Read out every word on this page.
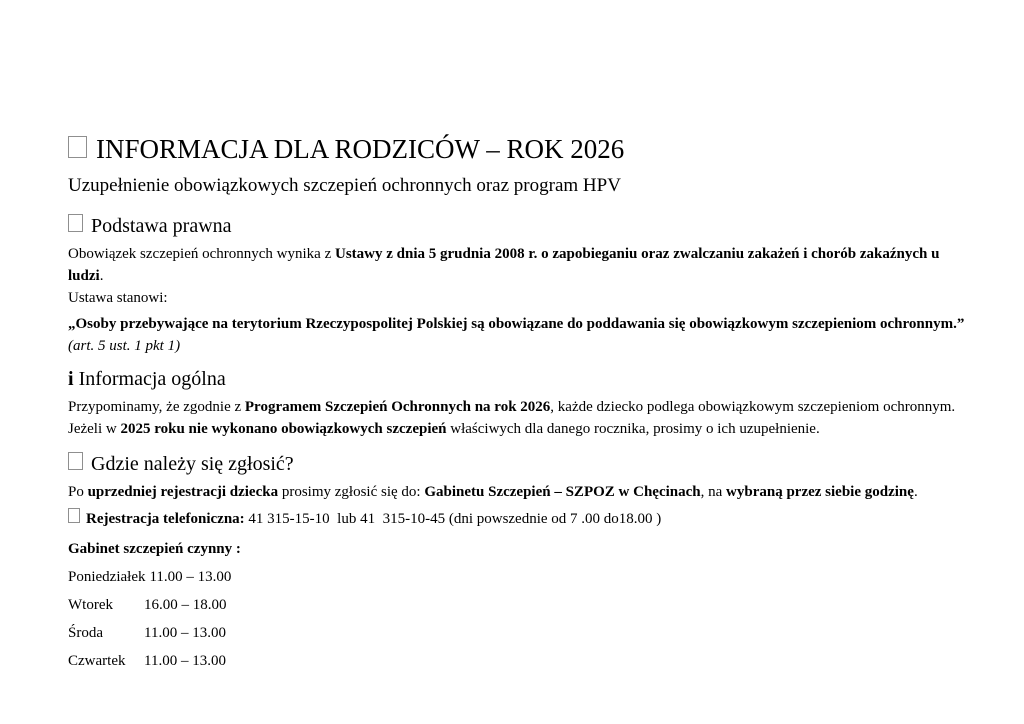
INFORMACJA DLA RODZICÓW – ROK 2026

Uzupełnienie obowiązkowych szczepień ochronnych oraz program HPV

Podstawa prawna

Obowiązek szczepień ochronnych wynika z Ustawy z dnia 5 grudnia 2008 r. o zapobieganiu oraz zwalczaniu zakażeń i chorób zakaźnych u ludzi.
Ustawa stanowi:

„Osoby przebywające na terytorium Rzeczypospolitej Polskiej są obowiązane do poddawania się obowiązkowym szczepieniom ochronnym.”
(art. 5 ust. 1 pkt 1)

i Informacja ogólna

Przypominamy, że zgodnie z Programem Szczepień Ochronnych na rok 2026, każde dziecko podlega obowiązkowym szczepieniom ochronnym.
Jeżeli w 2025 roku nie wykonano obowiązkowych szczepień właściwych dla danego rocznika, prosimy o ich uzupełnienie.

Gdzie należy się zgłosić?

Po uprzedniej rejestracji dziecka prosimy zgłosić się do: Gabinetu Szczepień – SZPOZ w Chęcinach, na wybraną przez siebie godzinę.

Rejestracja telefoniczna: 41 315-15-10  lub 41  315-10-45 (dni powszednie od 7 .00 do18.00 )

Gabinet szczepień czynny :

Poniedziałek 11.00 – 13.00
Wtorek 16.00 – 18.00
Środa	11.00 – 13.00
Czwartek 11.00 – 13.00
